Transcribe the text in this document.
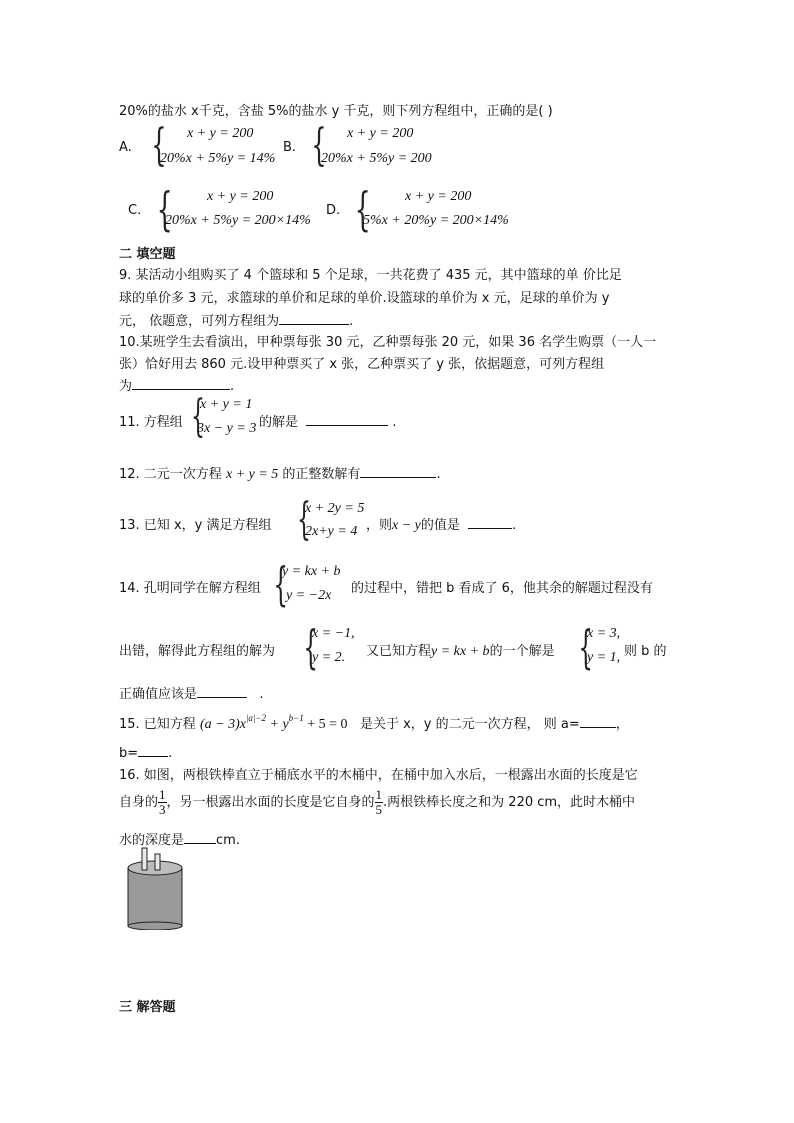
20%的盐水 x千克，含盐 5%的盐水 y 千克，则下列方程组中，正确的是( )
A. { x + y = 200
20%x + 5%y = 14%
B. { x + y = 200
20%x + 5%y = 200
C. { x + y = 200
20%x + 5%y = 200×14%
D. { x + y = 200
5%x + 20%y = 200×14%
二 填空题
9. 某活动小组购买了 4 个篮球和 5 个足球，一共花费了 435 元，其中篮球的单 价比足
球的单价多 3 元，求篮球的单价和足球的单价.设篮球的单价为 x 元，足球的单价为 y
元， 依题意，可列方程组为	.
10.某班学生去看演出，甲种票每张 30 元，乙种票每张 20 元，如果 36 名学生购票（一人一
张）恰好用去 860 元.设甲种票买了 x 张，乙种票买了 y 张，依据题意，可列方程组
为	.
11. 方程组 {
x + y = 1
3x − y = 3 的解是	.
12. 二元一次方程 x + y = 5 的正整数解有	.
13. 已知 x，y 满足方程组 {
x + 2y = 5
2x+y = 4 ，则x − y的值是	.
14. 孔明同学在解方程组 {
y = kx + b
y = −2x 的过程中，错把 b 看成了 6，他其余的解题过程没有
出错，解得此方程组的解为 {
x = −1,
y = 2. 又已知方程y = kx + b的一个解是 {
x = 3,
y = 1, 则 b 的
正确值应该是	.
15. 已知方程 $(a - 3)x^{|a|-2} + y^{b-1} + 5 = 0$ 是关于 x，y 的二元一次方程， 则 a=	，
b= .
16. 如图，两根铁棒直立于桶底水平的木桶中，在桶中加入水后，一根露出水面的长度是它
自身的 $\frac{1}{3}$ ，另一根露出水面的长度是它自身的 $\frac{1}{5}$ .两根铁棒长度之和为 220 cm，此时木桶中
水的深度是 cm.
三 解答题
